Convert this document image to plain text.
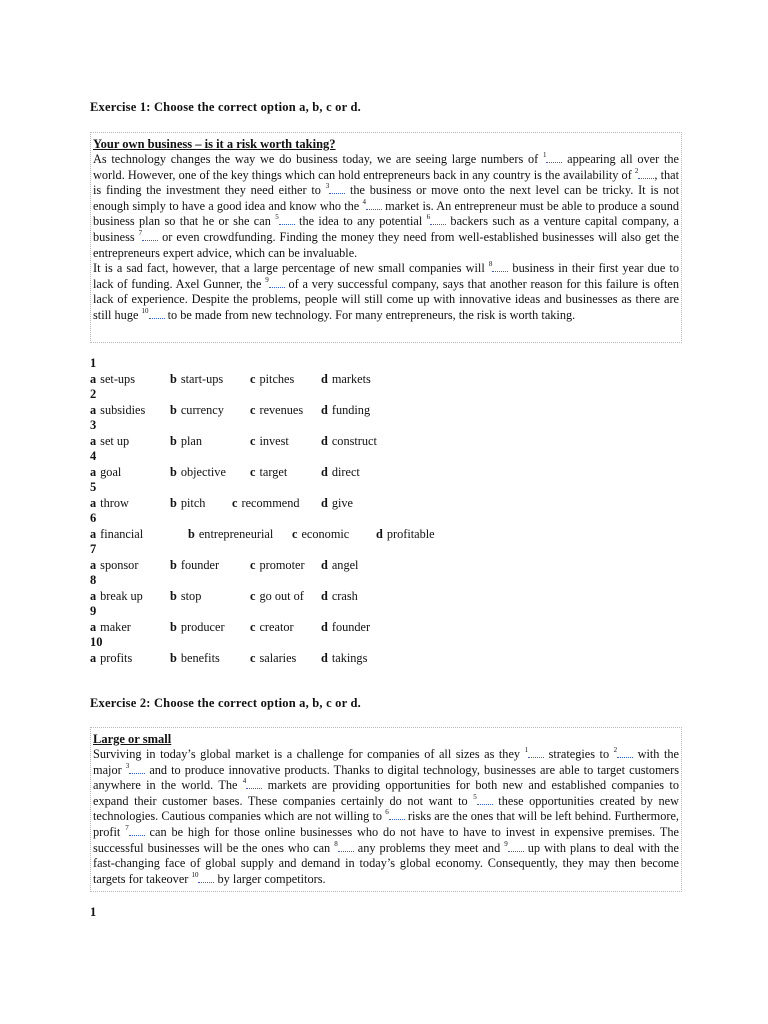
Exercise 1: Choose the correct option a, b, c or d.
Your own business – is it a risk worth taking?
As technology changes the way we do business today, we are seeing large numbers of $^1$ appearing all over the world. However, one of the key things which can hold entrepreneurs back in any country is the availability of $^2$ , that is finding the investment they need either to $^3$ the business or move onto the next level can be tricky. It is not enough simply to have a good idea and know who the $^4$ market is. An entrepreneur must be able to produce a sound business plan so that he or she can $^5$ the idea to any potential $^6$ backers such as a venture capital company, a business $^7$ or even crowdfunding. Finding the money they need from well-established businesses will also get the entrepreneurs expert advice, which can be invaluable.
It is a sad fact, however, that a large percentage of new small companies will $^8$ business in their first year due to lack of funding. Axel Gunner, the $^9$ of a very successful company, says that another reason for this failure is often lack of experience. Despite the problems, people will still come up with innovative ideas and businesses as there are still huge $^{10}$ to be made from new technology. For many entrepreneurs, the risk is worth taking.
1
a set-ups	b start-ups c pitches d markets
2
a subsidies b currency c revenues d funding
3
a set up	b plan	c invest	d construct
4
a goal	b objective c target	d direct
5
a throw	b pitch c recommend d give
6
a financial	b entrepreneurial c economic d profitable
7
a sponsor	b founder	c promoter d angel
8
a break up b stop	c go out of d crash
9
a maker	b producer c creator d founder
10
a profits	b benefits c salaries d takings
Exercise 2: Choose the correct option a, b, c or d.
Large or small
Surviving in today’s global market is a challenge for companies of all sizes as they $^1$ strategies to $^2$ with the major $^3$ and to produce innovative products. Thanks to digital technology, businesses are able to target customers anywhere in the world. The $^4$ markets are providing opportunities for both new and established companies to expand their customer bases. These companies certainly do not want to $^5$ these opportunities created by new technologies. Cautious companies which are not willing to $^6$ risks are the ones that will be left behind. Furthermore, profit $^7$ can be high for those online businesses who do not have to have to invest in expensive premises. The successful businesses will be the ones who can $^8$ any problems they meet and $^9$ up with plans to deal with the fast-changing face of global supply and demand in today’s global economy. Consequently, they may then become targets for takeover $^{10}$ by larger competitors.
1
